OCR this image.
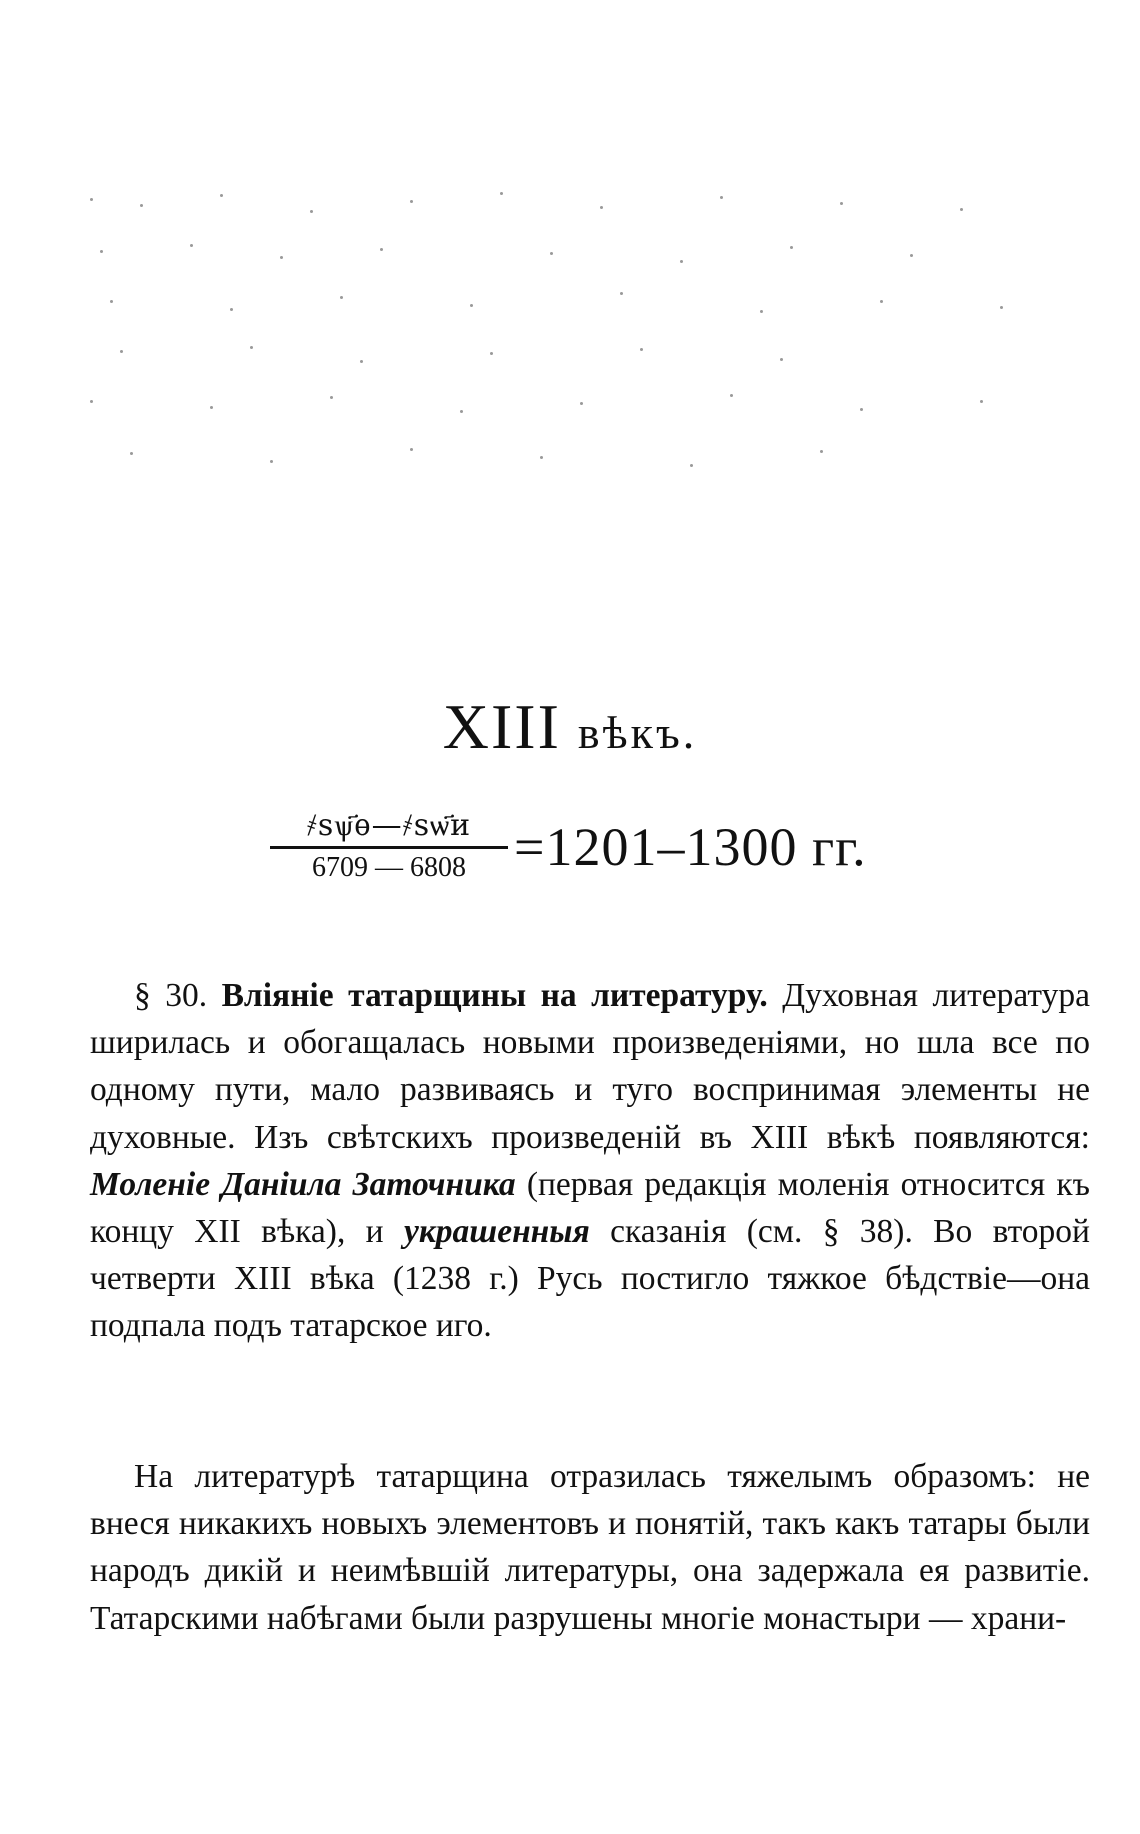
XIII вѣкъ.
$\frac{҂ѕѱ҃ѳ—҂ѕѡ҃и}{6709 — 6808} =1201-1300$ гг.

§ 30. Вліяніе татарщины на литературу. Духовная литература ширилась и обогащалась новыми произведеніями, но шла все по одному пути, мало развиваясь и туго воспринимая элементы не духовные. Изъ свѣтскихъ произведеній въ XIII вѣкѣ появляются: Моленіе Даніила Заточника (первая редакція моленія относится къ концу XII вѣка), и украшенныя сказанія (см. § 38). Во второй четверти XIII вѣка (1238 г.) Русь постигло тяжкое бѣдствіе—она подпала подъ татарское иго.

На литературѣ татарщина отразилась тяжелымъ образомъ: не внеся никакихъ новыхъ элементовъ и понятій, такъ какъ татары были народъ дикій и неимѣвшій литературы, она задержала ея развитіе. Татарскими набѣгами были разрушены многіе монастыри — храни-
